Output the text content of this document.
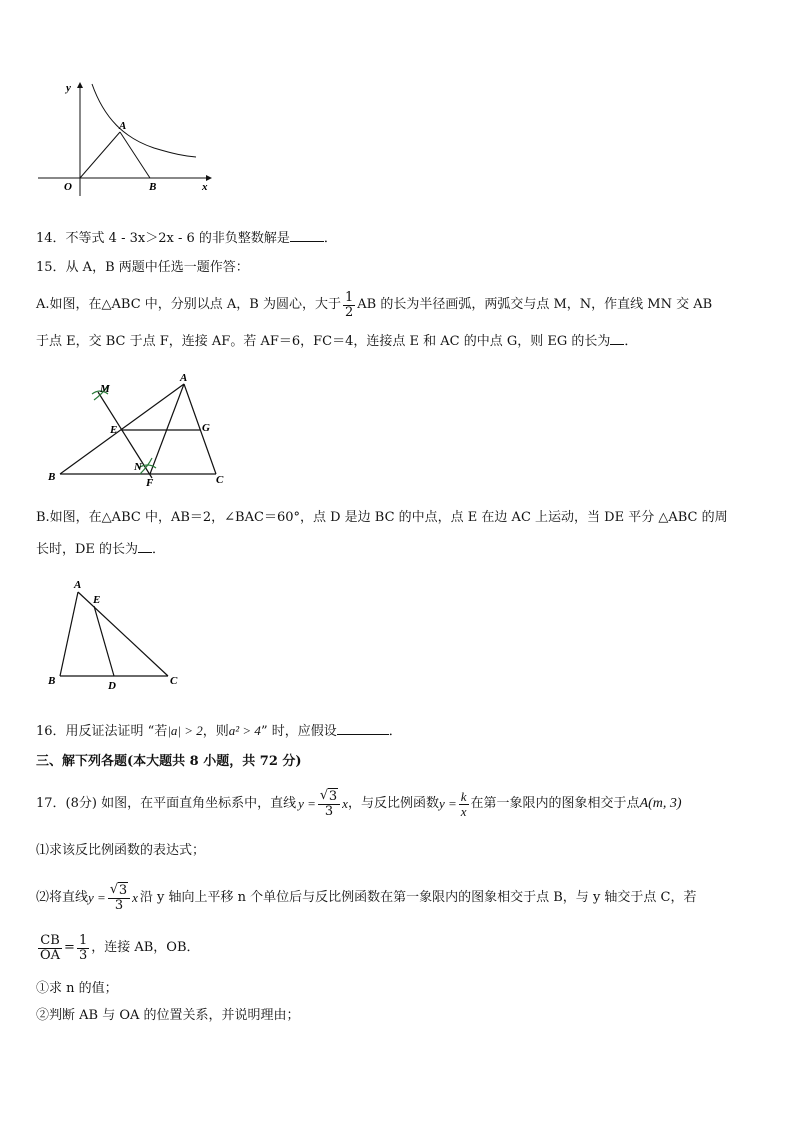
y
A
O	B	x
14．不等式 4 - 3x＞2x - 6 的非负整数解是	．
15．从 A，B 两题中任选一题作答：
A.如图，在△ABC 中，分别以点 A，B 为圆心，大于 $\frac{1}{2}$ AB 的长为半径画弧，两弧交与点 M，N，作直线 MN 交 AB
于点 E，交 BC 于点 F，连接 AF。若 AF＝6，FC＝4，连接点 E 和 AC 的中点 G，则 EG 的长为 ．
M
A
E	G
B
N
F	C
B.如图，在△ABC 中，AB＝2，∠BAC＝60°，点 D 是边 BC 的中点，点 E 在边 AC 上运动，当 DE 平分 △ABC 的周
长时，DE 的长为 ．
A
E
B	D	C
16．用反证法证明 “若|a| > 2，则a² > 4” 时，应假设	．
三、解下列各题(本大题共 8 小题，共 72 分)
17．(8分) 如图，在平面直角坐标系中，直线 y = √ $\frac{3}{3}$ x ，与反比例函数 $y = \frac{k}{x}$ 在第一象限内的图象相交于点 A(m, 3)
⑴求该反比例函数的表达式；
⑵将直线 y = √ $\frac{3}{3}$ x 沿 y 轴向上平移 n 个单位后与反比例函数在第一象限内的图象相交于点 B，与 y 轴交于点 C，若
$\frac{CB}{OA} = \frac{1}{3}$ ，连接 AB，OB．
①求 n 的值；
②判断 AB 与 OA 的位置关系，并说明理由；
